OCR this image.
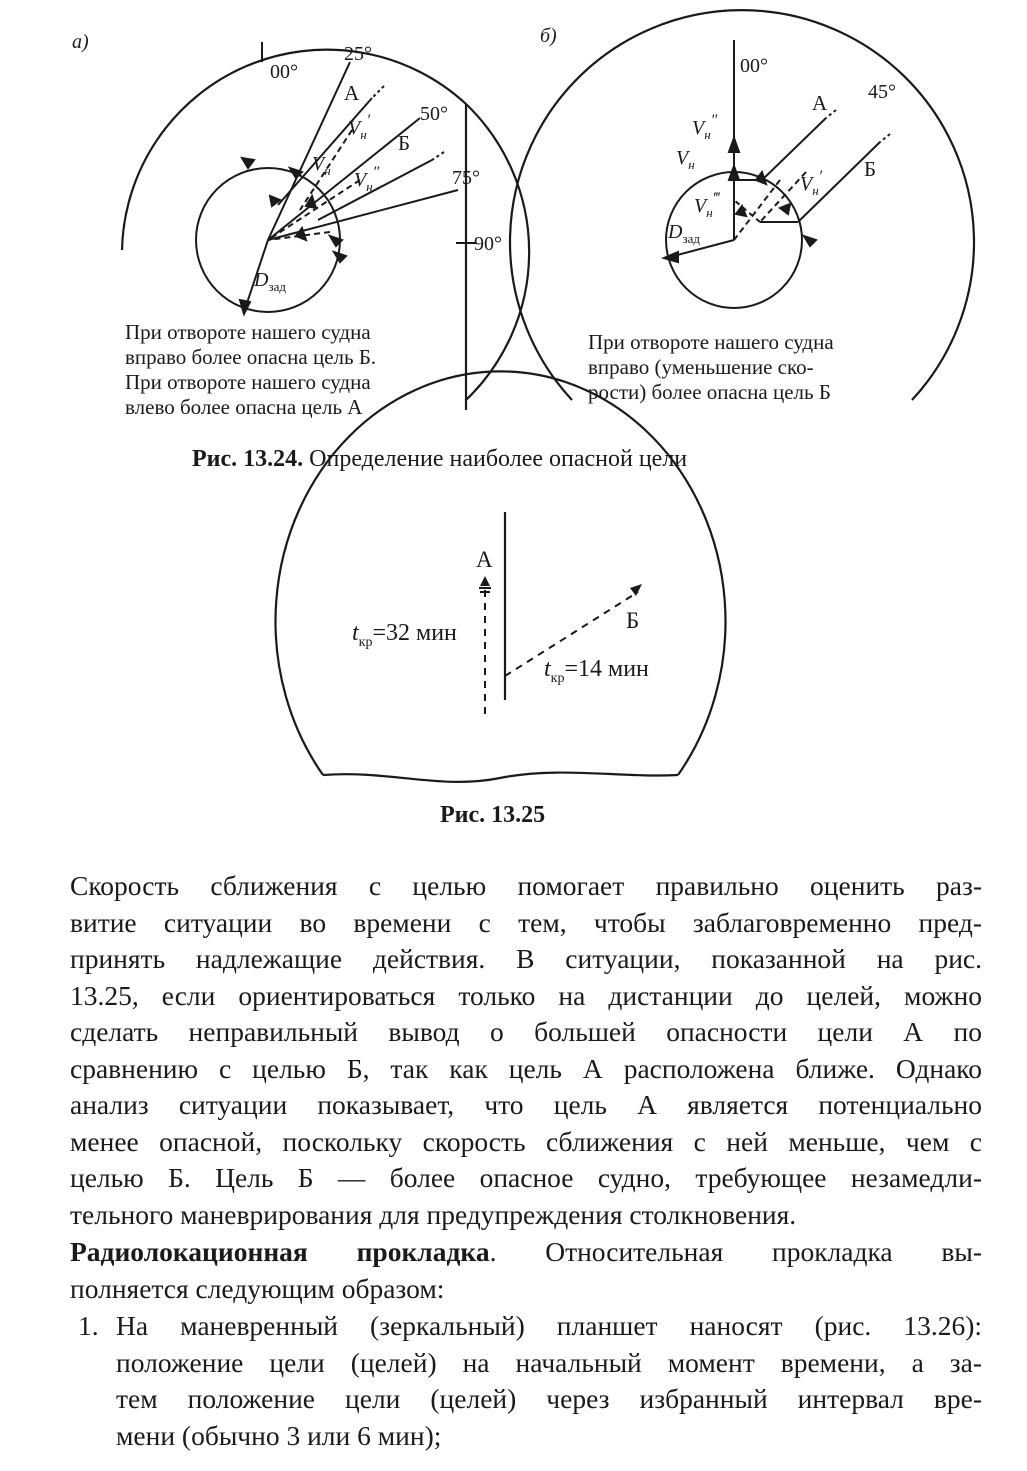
а)
00°
25°
50°
75°
90°
А
Б
$V_н'$
$V_н$ $V_н''$
$D_{зад}$
б)
00°
45°
А
Б
$V_н''$
$V_н$
$V_н'$
$V_н^‴$
$D_{зад}$
При отвороте нашего судна
вправо более опасна цель Б.
При отвороте нашего судна
влево более опасна цель А
При отвороте нашего судна
вправо (уменьшение ско-
рости) более опасна цель Б
Рис. 13.24. Определение наиболее опасной цели
А
Б
$t_{кр}=32$ мин
$t_{кр}=14$ мин
Рис. 13.25
Скорость сближения с целью помогает правильно оценить раз-
витие ситуации во времени с тем, чтобы заблаговременно пред-
принять надлежащие действия. В ситуации, показанной на рис.
13.25, если ориентироваться только на дистанции до целей, можно
сделать неправильный вывод о большей опасности цели А по
сравнению с целью Б, так как цель А расположена ближе. Однако
анализ ситуации показывает, что цель А является потенциально
менее опасной, поскольку скорость сближения с ней меньше, чем с
целью Б. Цель Б — более опасное судно, требующее незамедли-
тельного маневрирования для предупреждения столкновения.
Радиолокационная прокладка. Относительная прокладка вы-
полняется следующим образом:
1. На маневренный (зеркальный) планшет наносят (рис. 13.26):
положение цели (целей) на начальный момент времени, а за-
тем положение цели (целей) через избранный интервал вре-
мени (обычно 3 или 6 мин);
